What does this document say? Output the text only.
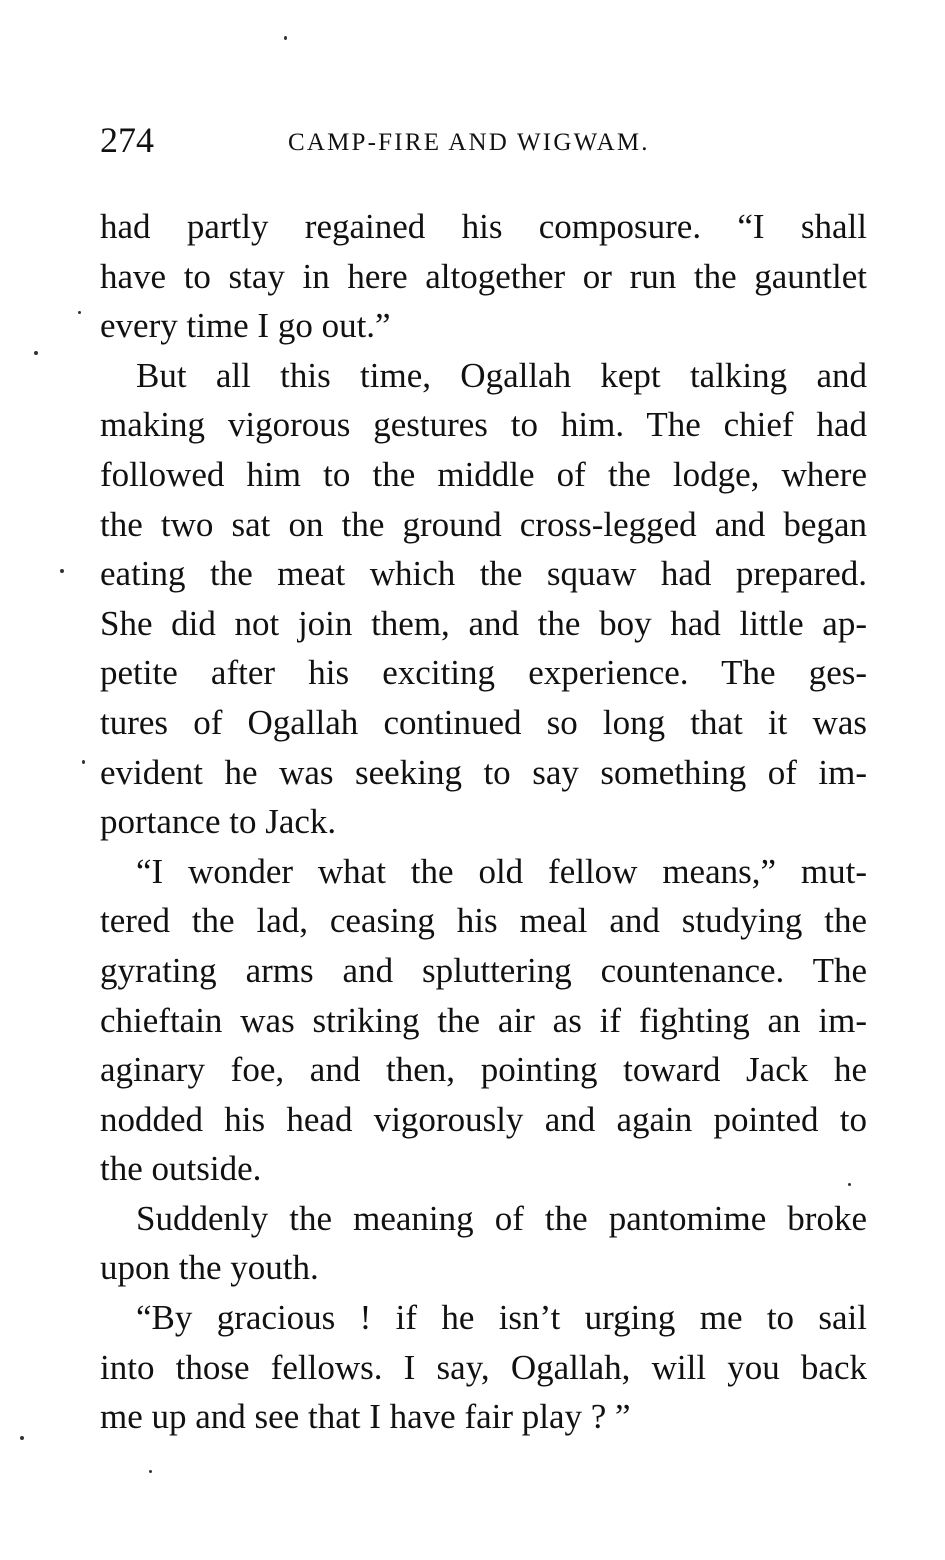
274	CAMP-FIRE AND WIGWAM.
had partly regained his composure. “I shall
have to stay in here altogether or run the gauntlet
every time I go out.”
But all this time, Ogallah kept talking and
making vigorous gestures to him. The chief had
followed him to the middle of the lodge, where
the two sat on the ground cross-legged and began
eating the meat which the squaw had prepared.
She did not join them, and the boy had little ap-
petite after his exciting experience. The ges-
tures of Ogallah continued so long that it was
evident he was seeking to say something of im-
portance to Jack.
“I wonder what the old fellow means,” mut-
tered the lad, ceasing his meal and studying the
gyrating arms and spluttering countenance. The
chieftain was striking the air as if fighting an im-
aginary foe, and then, pointing toward Jack he
nodded his head vigorously and again pointed to
the outside.
Suddenly the meaning of the pantomime broke
upon the youth.
“By gracious ! if he isn’t urging me to sail
into those fellows. I say, Ogallah, will you back
me up and see that I have fair play ? ”
